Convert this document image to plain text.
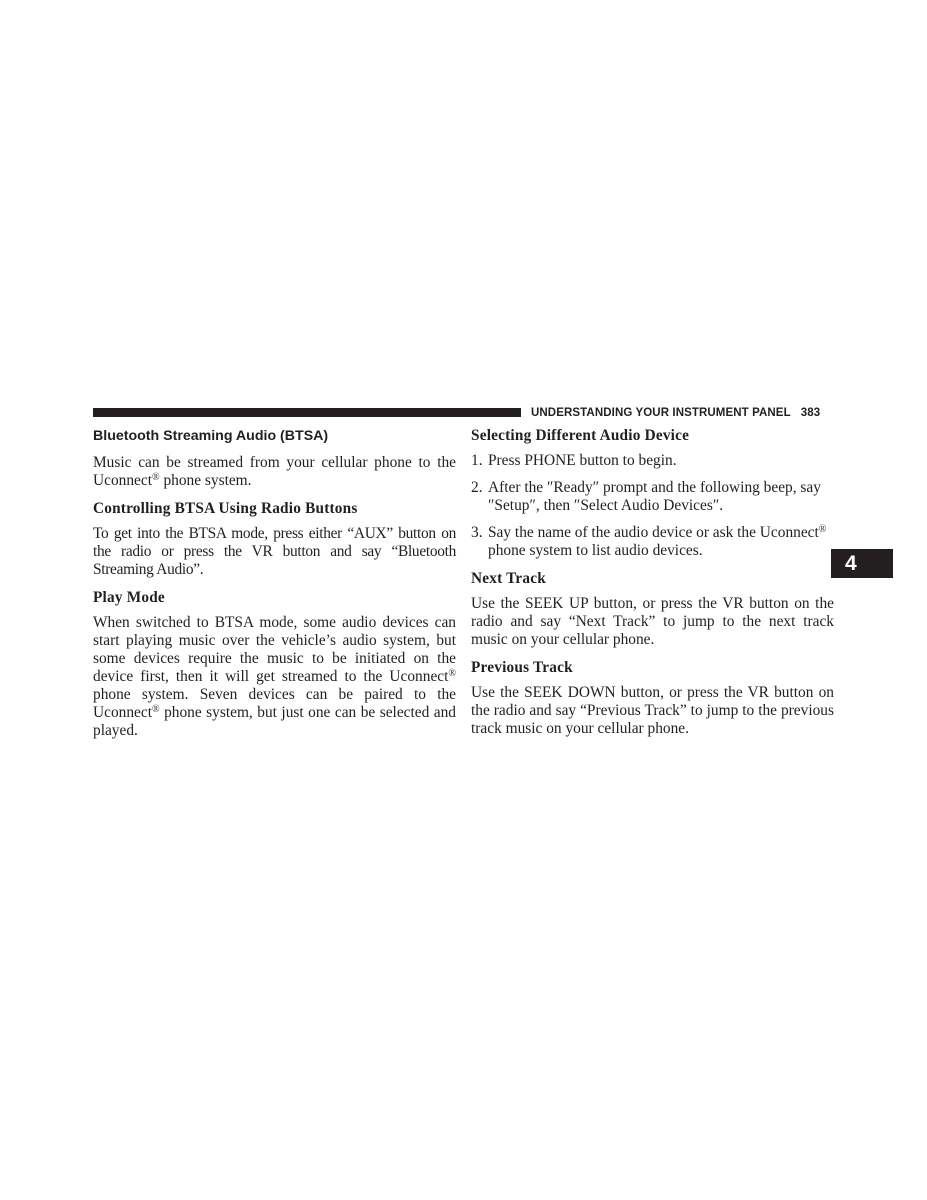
UNDERSTANDING YOUR INSTRUMENT PANEL 383
4
Bluetooth Streaming Audio (BTSA)

Music can be streamed from your cellular phone to the Uconnect® phone system.

Controlling BTSA Using Radio Buttons

To get into the BTSA mode, press either “AUX” button on the radio or press the VR button and say “Bluetooth Streaming Audio”.

Play Mode

When switched to BTSA mode, some audio devices can start playing music over the vehicle’s audio system, but some devices require the music to be initiated on the device first, then it will get streamed to the Uconnect® phone system. Seven devices can be paired to the Uconnect® phone system, but just one can be selected and played.

Selecting Different Audio Device
1. Press PHONE button to begin.
2. After the ″Ready″ prompt and the following beep, say ″Setup″, then ″Select Audio Devices″.
3. Say the name of the audio device or ask the Uconnect® phone system to list audio devices.
Next Track

Use the SEEK UP button, or press the VR button on the radio and say “Next Track” to jump to the next track music on your cellular phone.

Previous Track

Use the SEEK DOWN button, or press the VR button on the radio and say “Previous Track” to jump to the previous track music on your cellular phone.
